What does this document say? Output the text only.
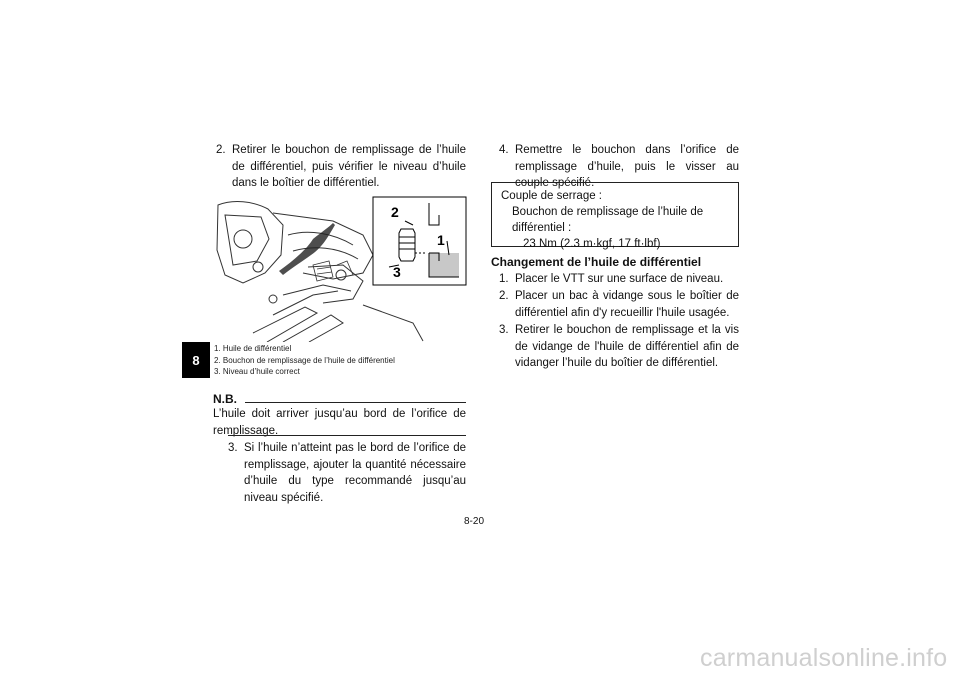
8
2. Retirer le bouchon de remplissage de l’huile de différentiel, puis vérifier le niveau d’huile dans le boîtier de différentiel.
2
1
3
1. Huile de différentiel
2. Bouchon de remplissage de l’huile de différentiel
3. Niveau d’huile correct
N.B.
L’huile doit arriver jusqu’au bord de l’orifice de remplissage.
3. Si l’huile n’atteint pas le bord de l’orifice de remplissage, ajouter la quantité nécessaire d’huile du type recommandé jusqu’au niveau spécifié.
4. Remettre le bouchon dans l’orifice de remplissage d’huile, puis le visser au couple spécifié.
Couple de serrage :
Bouchon de remplissage de l’huile de différentiel :
23 Nm (2.3 m·kgf, 17 ft·lbf)
Changement de l’huile de différentiel
1. Placer le VTT sur une surface de niveau.
2. Placer un bac à vidange sous le boîtier de différentiel afin d'y recueillir l'huile usagée.
3. Retirer le bouchon de remplissage et la vis de vidange de l'huile de différentiel afin de vidanger l’huile du boîtier de différentiel.
8-20
carmanualsonline.info
